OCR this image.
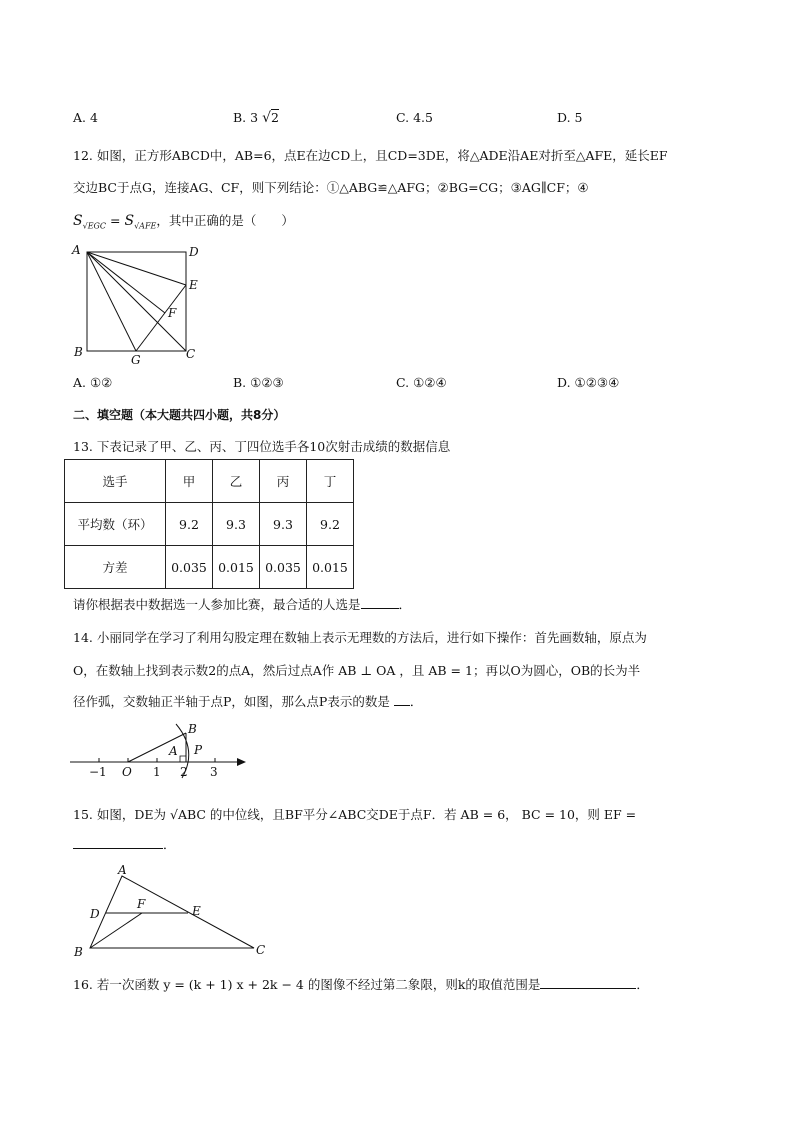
A. 4	B. 3 √2	C. 4.5	D. 5
12. 如图，正方形ABCD中，AB=6，点E在边CD上，且CD=3DE，将△ADE沿AE对折至△AFE，延长EF
交边BC于点G，连接AG、CF，则下列结论：①△ABG≌△AFG；②BG=CG；③AG∥CF；④
$S_{√EGC} = S_{√AFE}$，其中正确的是（　　）
A	D
E
F
B
G	C
A. ①②	B. ①②③	C. ①②④	D. ①②③④
二、填空题（本大题共四小题，共8分）
13. 下表记录了甲、乙、丙、丁四位选手各10次射击成绩的数据信息
选手	甲	乙	丙	丁
平均数（环）	9.2	9.3	9.3	9.2
方差	0.035	0.015	0.035	0.015
请你根据表中数据选一人参加比赛，最合适的人选是	．
14. 小丽同学在学习了利用勾股定理在数轴上表示无理数的方法后，进行如下操作：首先画数轴，原点为
O，在数轴上找到表示数2的点A，然后过点A作 AB ⊥ OA ，且 AB = 1；再以O为圆心，OB的长为半
径作弧，交数轴正半轴于点P，如图，那么点P表示的数是 ．
B
A P
−1 O 1 2 3
15. 如图，DE为 √ABC 的中位线，且BF平分∠ABC交DE于点F．若 AB = 6， BC = 10，则 EF =
．
A
D
F	E
B	C
16. 若一次函数 y = (k + 1) x + 2k − 4 的图像不经过第二象限，则k的取值范围是	．
